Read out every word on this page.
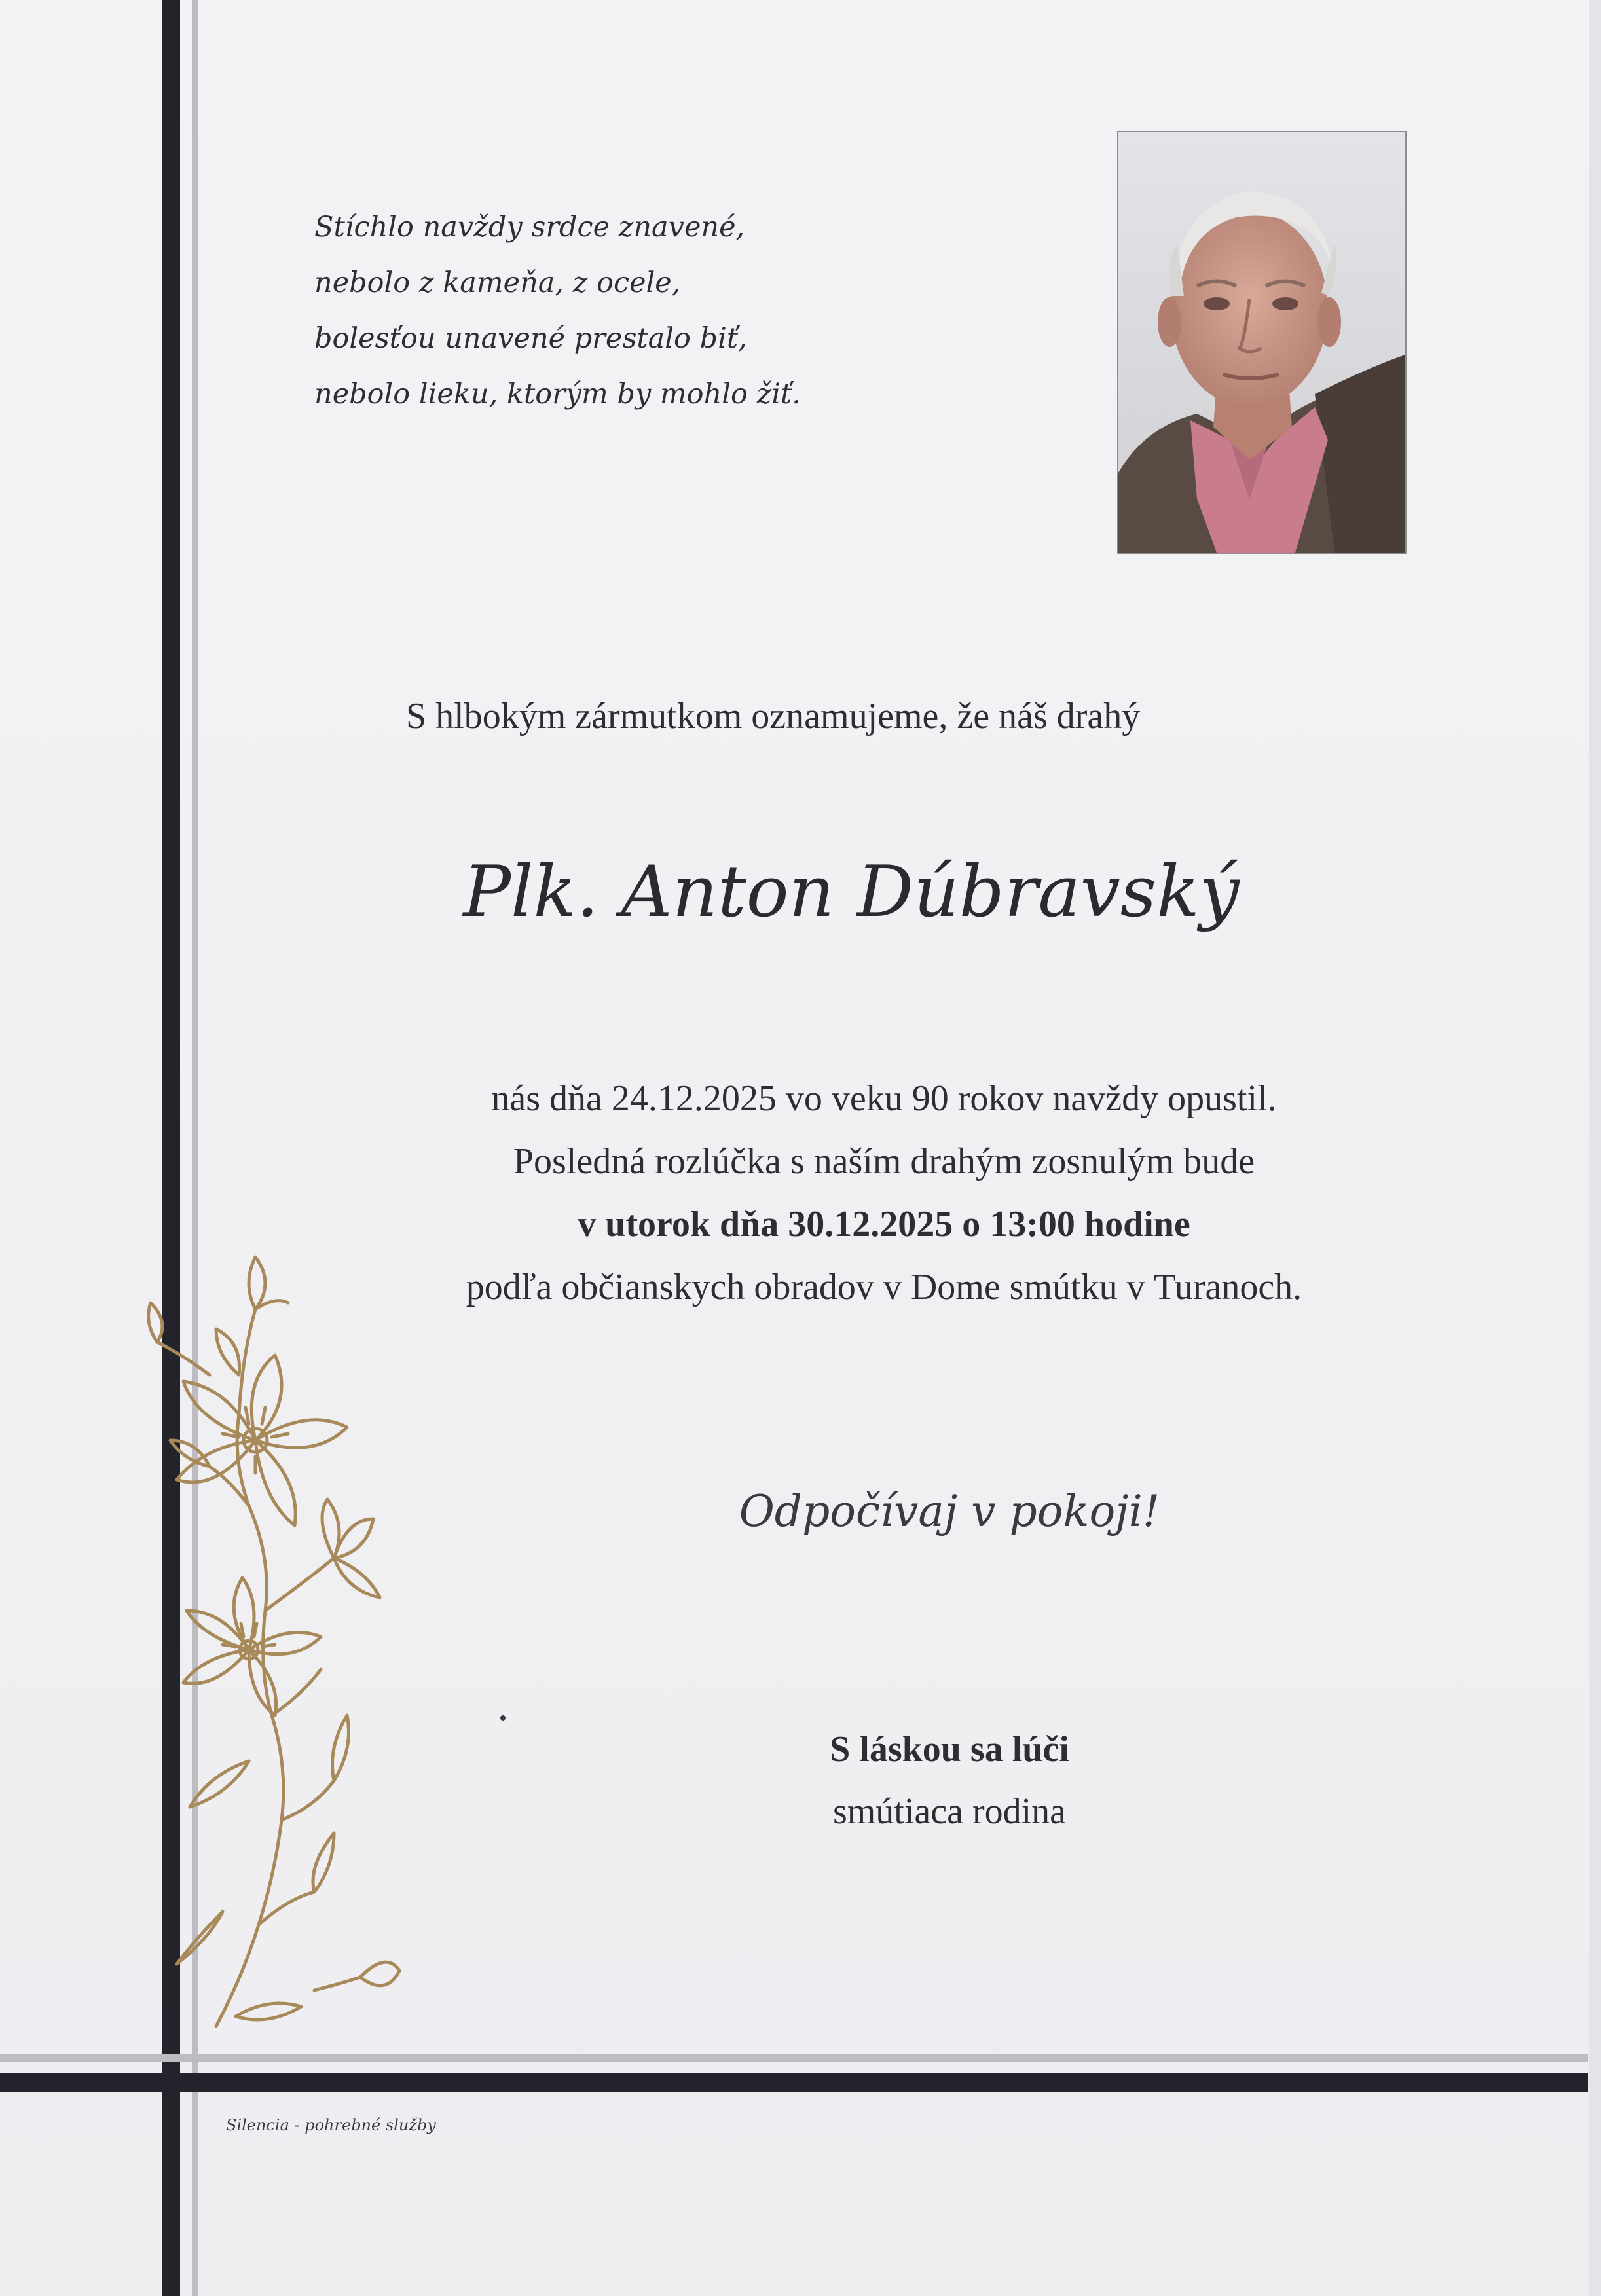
Stíchlo navždy srdce znavené,
nebolo z kameňa, z ocele,
bolesťou unavené prestalo biť,
nebolo lieku, ktorým by mohlo žiť.
S hlbokým zármutkom oznamujeme, že náš drahý
Plk. Anton Dúbravský
nás dňa 24.12.2025 vo veku 90 rokov navždy opustil.
Posledná rozlúčka s naším drahým zosnulým bude
v utorok dňa 30.12.2025 o 13:00 hodine
podľa občianskych obradov v Dome smútku v Turanoch.
Odpočívaj v pokoji!
S láskou sa lúči
smútiaca rodina
Silencia - pohrebné služby
